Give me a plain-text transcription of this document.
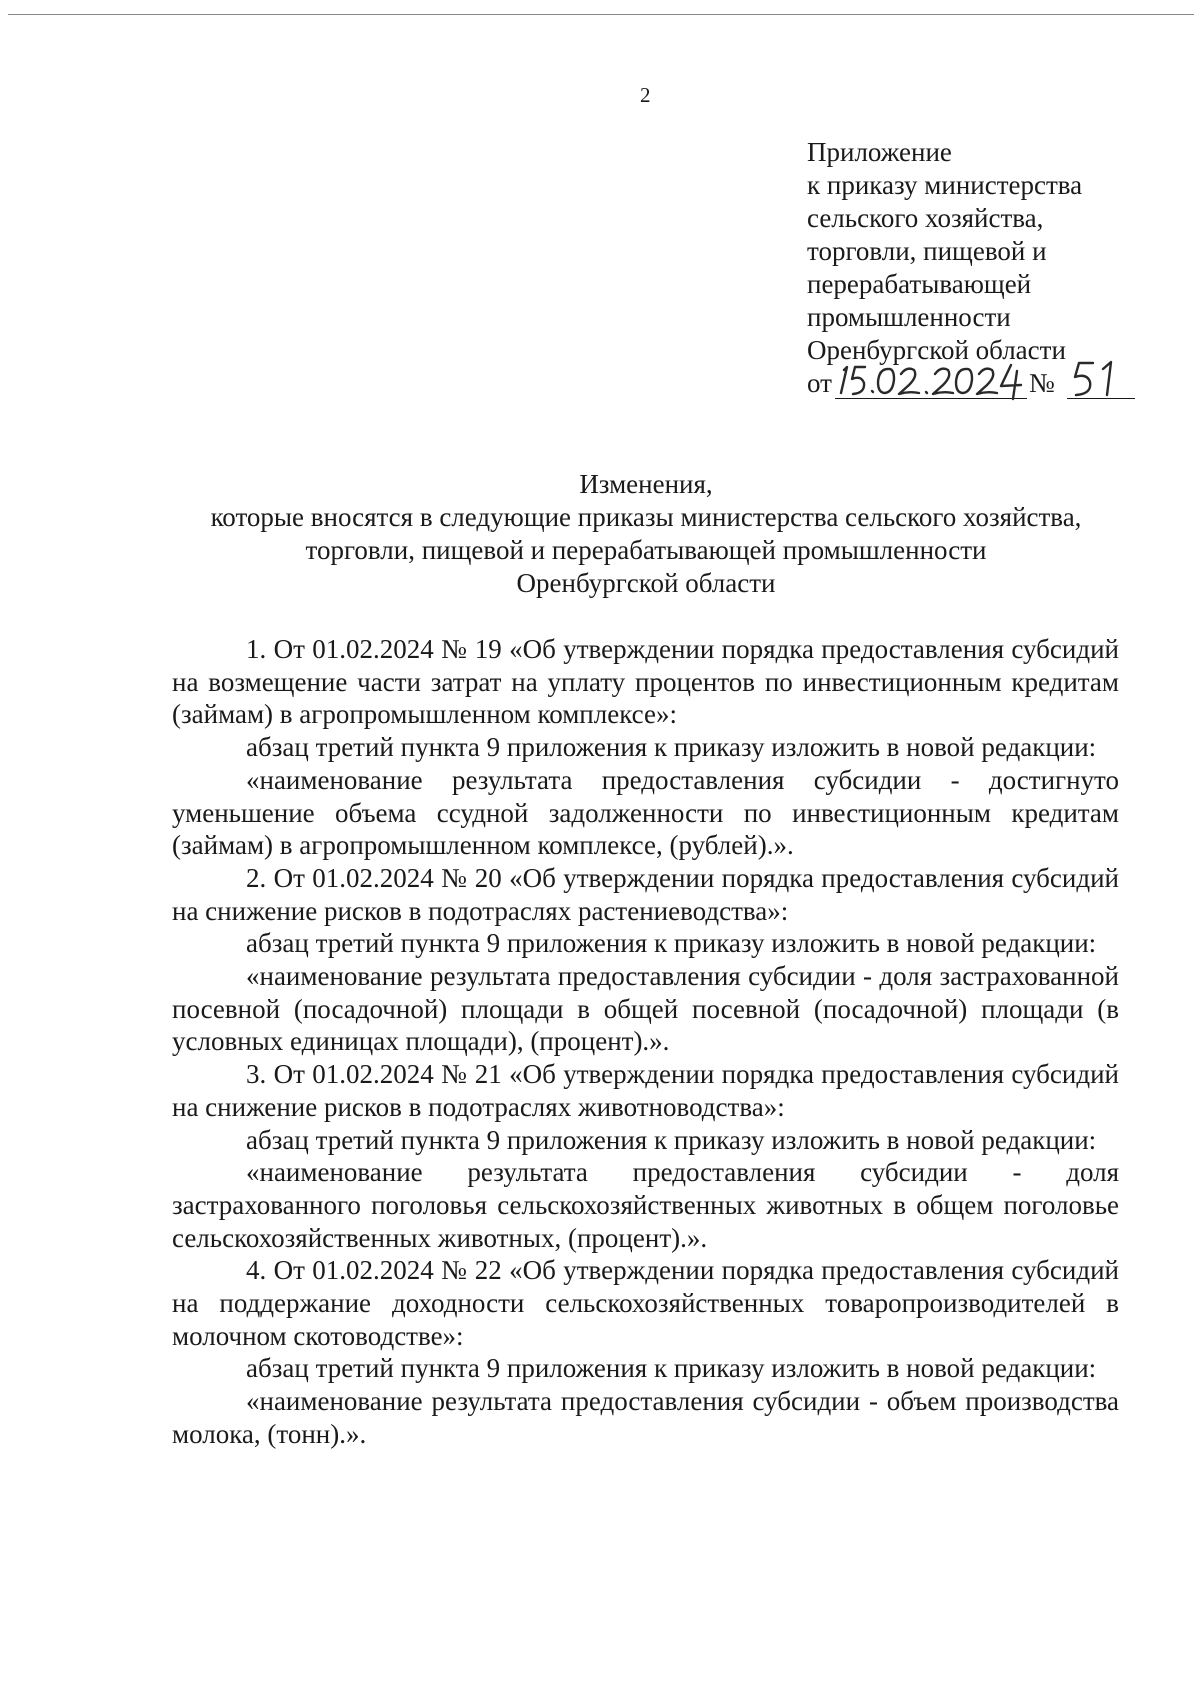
2
Приложение
к приказу министерства
сельского хозяйства,
торговли, пищевой и
перерабатывающей
промышленности
Оренбургской области
от	№
Изменения,
которые вносятся в следующие приказы министерства сельского хозяйства,
торговли, пищевой и перерабатывающей промышленности
Оренбургской области

1. От 01.02.2024 № 19 «Об утверждении порядка предоставления субсидий на возмещение части затрат на уплату процентов по инвестиционным кредитам (займам) в агропромышленном комплексе»:

абзац третий пункта 9 приложения к приказу изложить в новой редакции:

«наименование результата предоставления субсидии - достигнуто уменьшение объема ссудной задолженности по инвестиционным кредитам (займам) в агропромышленном комплексе, (рублей).».

2. От 01.02.2024 № 20 «Об утверждении порядка предоставления субсидий на снижение рисков в подотраслях растениеводства»:

абзац третий пункта 9 приложения к приказу изложить в новой редакции:

«наименование результата предоставления субсидии - доля застрахованной посевной (посадочной) площади в общей посевной (посадочной) площади (в условных единицах площади), (процент).».

3. От 01.02.2024 № 21 «Об утверждении порядка предоставления субсидий на снижение рисков в подотраслях животноводства»:

абзац третий пункта 9 приложения к приказу изложить в новой редакции:

«наименование результата предоставления субсидии - доля застрахованного поголовья сельскохозяйственных животных в общем поголовье сельскохозяйственных животных, (процент).».

4. От 01.02.2024 № 22 «Об утверждении порядка предоставления субсидий на поддержание доходности сельскохозяйственных товаропроизводителей в молочном скотоводстве»:

абзац третий пункта 9 приложения к приказу изложить в новой редакции:

«наименование результата предоставления субсидии - объем производства молока, (тонн).».
